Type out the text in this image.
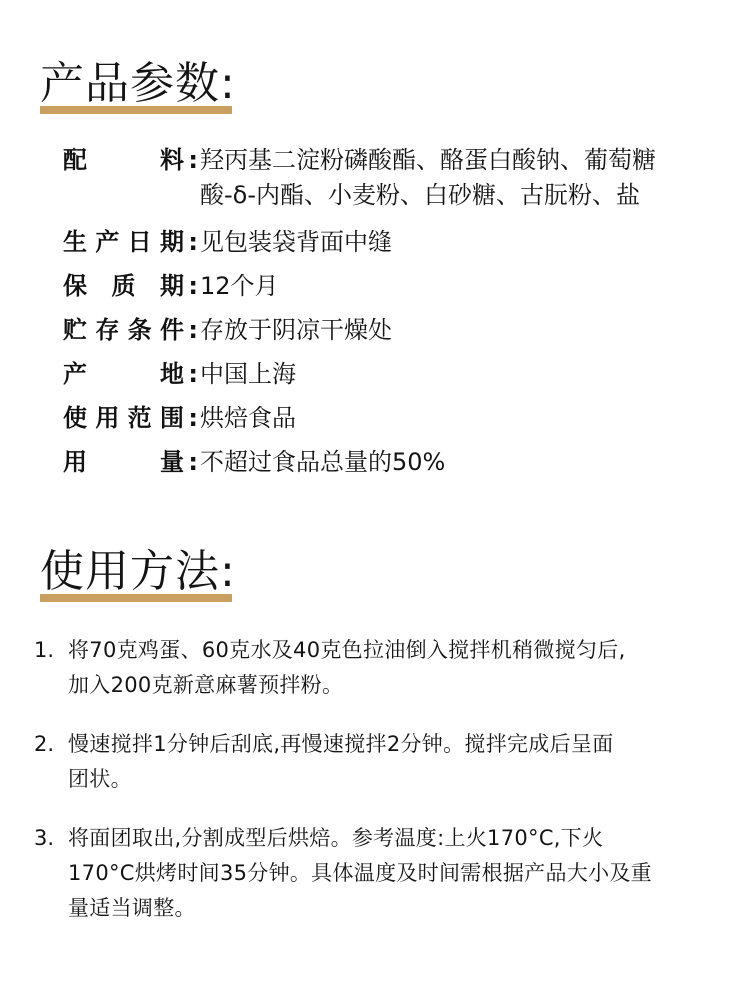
产品参数:
配	料 : 羟丙基二淀粉磷酸酯、酪蛋白酸钠、葡萄糖
酸-δ-内酯、小麦粉、白砂糖、古朊粉、盐
生 产 日 期 : 见包装袋背面中缝
保 质 期 : 12个月
贮 存 条 件 : 存放于阴凉干燥处
产	地 : 中国上海
使 用 范 围 : 烘焙食品
用	量 : 不超过食品总量的50%
使用方法:
1. 将70克鸡蛋、60克水及40克色拉油倒入搅拌机稍微搅匀后,
加入200克新意麻薯预拌粉。
2. 慢速搅拌1分钟后刮底,再慢速搅拌2分钟。搅拌完成后呈面
团状。
3. 将面团取出,分割成型后烘焙。参考温度:上火170°C,下火
170°C烘烤时间35分钟。具体温度及时间需根据产品大小及重
量适当调整。
